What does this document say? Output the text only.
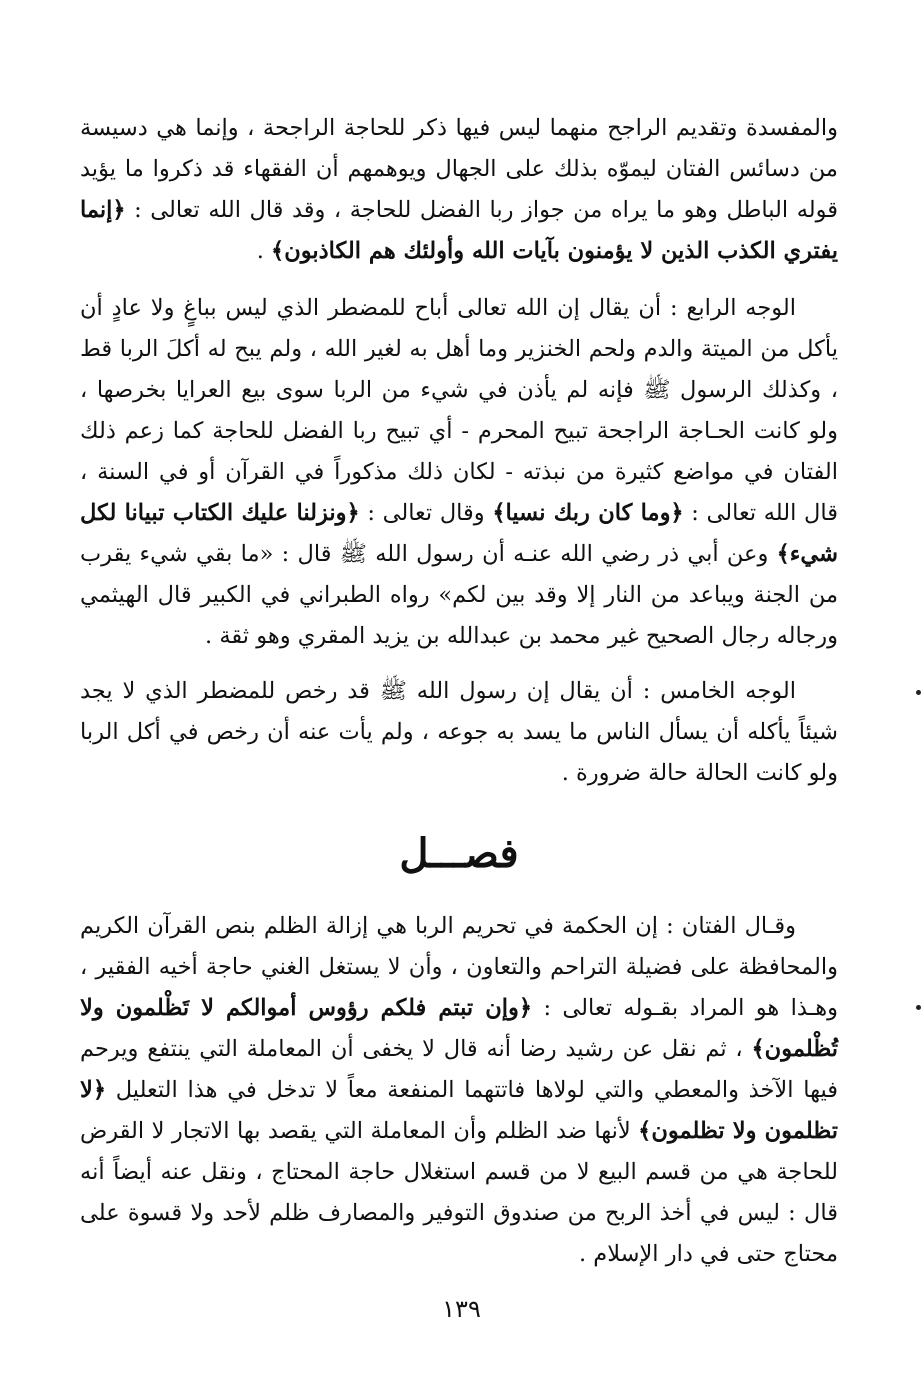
والمفسدة وتقديم الراجح منهما ليس فيها ذكر للحاجة الراجحة ، وإنما هي دسيسة من دسائس الفتان ليموّه بذلك على الجهال ويوهمهم أن الفقهاء قد ذكروا ما يؤيد قوله الباطل وهو ما يراه من جواز ربا الفضل للحاجة ، وقد قال الله تعالى : ﴿إنما يفتري الكذب الذين لا يؤمنون بآيات الله وأولئك هم الكاذبون﴾ .

الوجه الرابع : أن يقال إن الله تعالى أباح للمضطر الذي ليس بباغٍ ولا عادٍ أن يأكل من الميتة والدم ولحم الخنزير وما أهل به لغير الله ، ولم يبح له أكلَ الربا قط ، وكذلك الرسول ﷺ فإنه لم يأذن في شيء من الربا سوى بيع العرايا بخرصها ، ولو كانت الحـاجة الراجحة تبيح المحرم - أي تبيح ربا الفضل للحاجة كما زعم ذلك الفتان في مواضع كثيرة من نبذته - لكان ذلك مذكوراً في القرآن أو في السنة ، قال الله تعالى : ﴿وما كان ربك نسيا﴾ وقال تعالى : ﴿ونزلنا عليك الكتاب تبيانا لكل شيء﴾ وعن أبي ذر رضي الله عنـه أن رسول الله ﷺ قال : «ما بقي شيء يقرب من الجنة ويباعد من النار إلا وقد بين لكم» رواه الطبراني في الكبير قال الهيثمي ورجاله رجال الصحيح غير محمد بن عبدالله بن يزيد المقري وهو ثقة .

الوجه الخامس : أن يقال إن رسول الله ﷺ قد رخص للمضطر الذي لا يجد شيئاً يأكله أن يسأل الناس ما يسد به جوعه ، ولم يأت عنه أن رخص في أكل الربا ولو كانت الحالة حالة ضرورة .

فصـــل

وقـال الفتان : إن الحكمة في تحريم الربا هي إزالة الظلم بنص القرآن الكريم والمحافظة على فضيلة التراحم والتعاون ، وأن لا يستغل الغني حاجة أخيه الفقير ، وهـذا هو المراد بقـوله تعالى : ﴿وإن تبتم فلكم رؤوس أموالكم لا تَظْلمون ولا تُظْلمون﴾ ، ثم نقل عن رشيد رضا أنه قال لا يخفى أن المعاملة التي ينتفع ويرحم فيها الآخذ والمعطي والتي لولاها فاتتهما المنفعة معاً لا تدخل في هذا التعليل ﴿لا تظلمون ولا تظلمون﴾ لأنها ضد الظلم وأن المعاملة التي يقصد بها الاتجار لا القرض للحاجة هي من قسم البيع لا من قسم استغلال حاجة المحتاج ، ونقل عنه أيضاً أنه قال : ليس في أخذ الربح من صندوق التوفير والمصارف ظلم لأحد ولا قسوة على محتاج حتى في دار الإسلام .

١٣٩
